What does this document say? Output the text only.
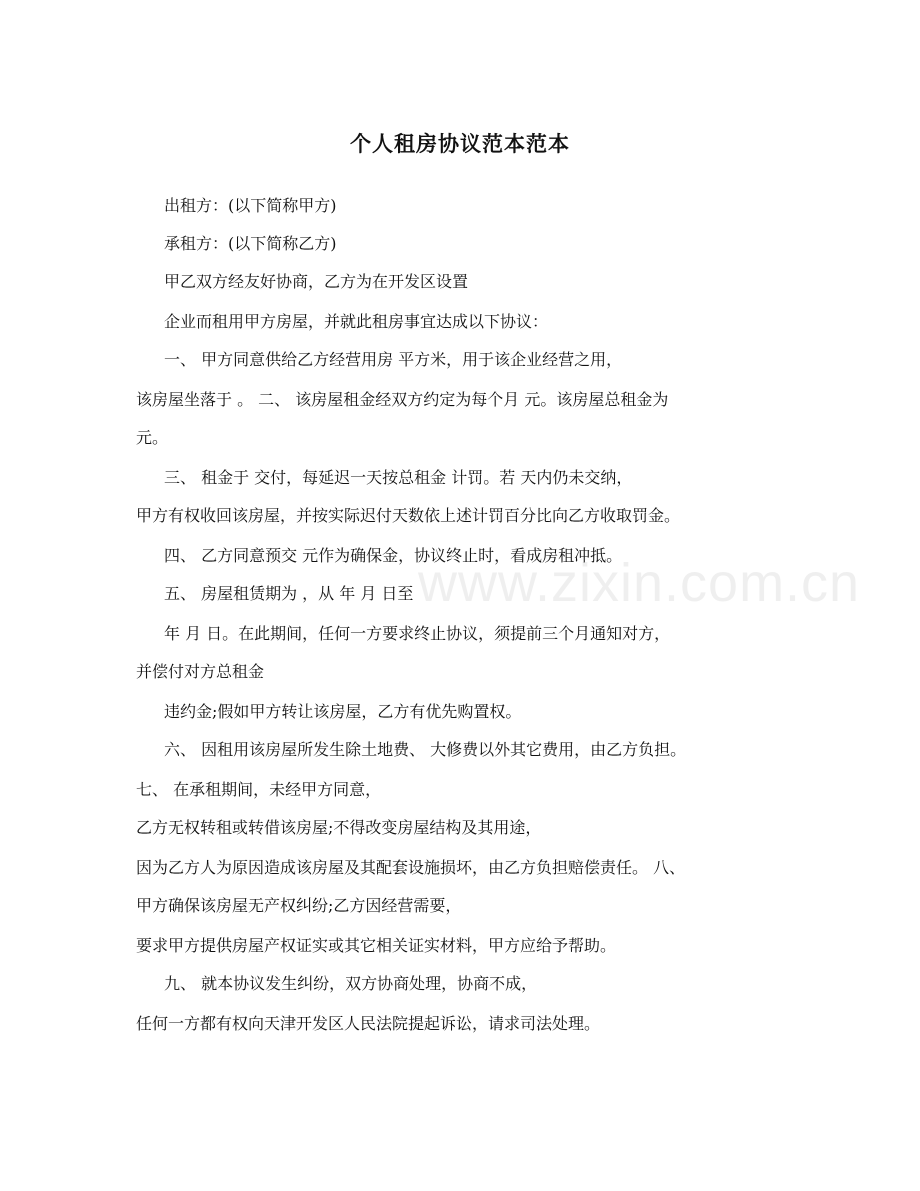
www.zixin.com.cn
个人租房协议范本范本
出租方：(以下简称甲方)
承租方：(以下简称乙方)
甲乙双方经友好协商，乙方为在开发区设置
企业而租用甲方房屋，并就此租房事宜达成以下协议：
一、 甲方同意供给乙方经营用房 平方米，用于该企业经营之用，
该房屋坐落于 。 二、 该房屋租金经双方约定为每个月 元。该房屋总租金为
元。
三、 租金于 交付，每延迟一天按总租金 计罚。若 天内仍未交纳，
甲方有权收回该房屋，并按实际迟付天数依上述计罚百分比向乙方收取罚金。
四、 乙方同意预交 元作为确保金，协议终止时，看成房租冲抵。
五、 房屋租赁期为 ，从 年 月 日至
年 月 日。在此期间，任何一方要求终止协议，须提前三个月通知对方，
并偿付对方总租金
违约金;假如甲方转让该房屋，乙方有优先购置权。
六、 因租用该房屋所发生除土地费、 大修费以外其它费用，由乙方负担。
七、 在承租期间，未经甲方同意，
乙方无权转租或转借该房屋;不得改变房屋结构及其用途，
因为乙方人为原因造成该房屋及其配套设施损坏，由乙方负担赔偿责任。 八、
甲方确保该房屋无产权纠纷;乙方因经营需要，
要求甲方提供房屋产权证实或其它相关证实材料，甲方应给予帮助。
九、 就本协议发生纠纷，双方协商处理，协商不成，
任何一方都有权向天津开发区人民法院提起诉讼，请求司法处理。
